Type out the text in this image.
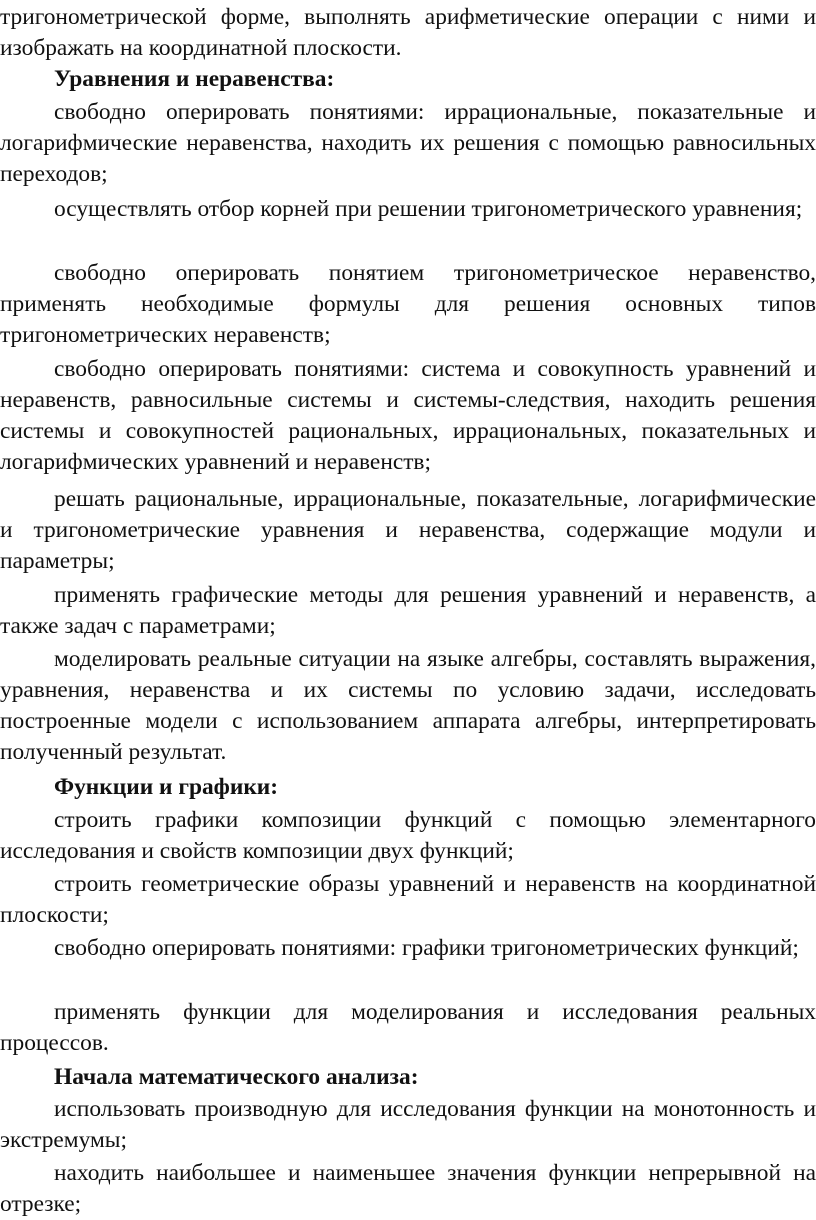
тригонометрической форме, выполнять арифметические операции с ними и изображать на координатной плоскости.

Уравнения и неравенства:

свободно оперировать понятиями: иррациональные, показательные и логарифмические неравенства, находить их решения с помощью равносильных переходов;

осуществлять отбор корней при решении тригонометрического уравнения;

свободно оперировать понятием тригонометрическое неравенство, применять необходимые формулы для решения основных типов тригонометрических неравенств;

свободно оперировать понятиями: система и совокупность уравнений и неравенств, равносильные системы и системы-следствия, находить решения системы и совокупностей рациональных, иррациональных, показательных и логарифмических уравнений и неравенств;

решать рациональные, иррациональные, показательные, логарифмические и тригонометрические уравнения и неравенства, содержащие модули и параметры;

применять графические методы для решения уравнений и неравенств, а также задач с параметрами;

моделировать реальные ситуации на языке алгебры, составлять выражения, уравнения, неравенства и их системы по условию задачи, исследовать построенные модели с использованием аппарата алгебры, интерпретировать полученный результат.

Функции и графики:

строить графики композиции функций с помощью элементарного исследования и свойств композиции двух функций;

строить геометрические образы уравнений и неравенств на координатной плоскости;

свободно оперировать понятиями: графики тригонометрических функций;

применять функции для моделирования и исследования реальных процессов.

Начала математического анализа:

использовать производную для исследования функции на монотонность и экстремумы;

находить наибольшее и наименьшее значения функции непрерывной на отрезке;
